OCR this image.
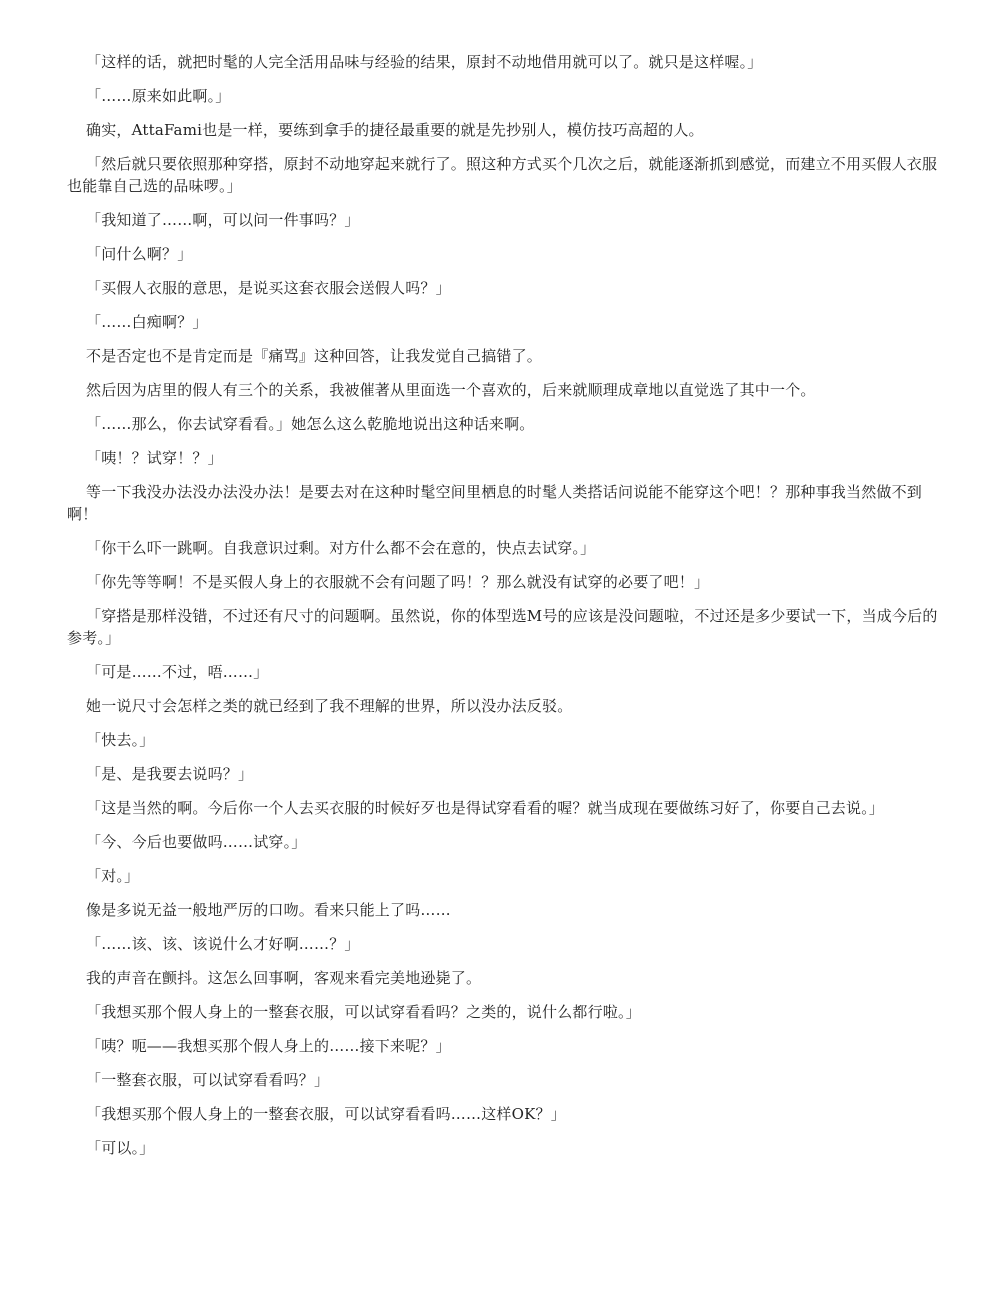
「这样的话，就把时髦的人完全活用品味与经验的结果，原封不动地借用就可以了。就只是这样喔。」

「……原来如此啊。」

确实，AttaFami也是一样，要练到拿手的捷径最重要的就是先抄别人，模仿技巧高超的人。

「然后就只要依照那种穿搭，原封不动地穿起来就行了。照这种方式买个几次之后，就能逐渐抓到感觉，而建立不用买假人衣服也能靠自己选的品味啰。」

「我知道了……啊，可以问一件事吗？」

「问什么啊？」

「买假人衣服的意思，是说买这套衣服会送假人吗？」

「……白痴啊？」

不是否定也不是肯定而是『痛骂』这种回答，让我发觉自己搞错了。

然后因为店里的假人有三个的关系，我被催著从里面选一个喜欢的，后来就顺理成章地以直觉选了其中一个。

「……那么，你去试穿看看。」她怎么这么乾脆地说出这种话来啊。

「咦！？试穿！？」

等一下我没办法没办法没办法！是要去对在这种时髦空间里栖息的时髦人类搭话问说能不能穿这个吧！？那种事我当然做不到啊！

「你干么吓一跳啊。自我意识过剩。对方什么都不会在意的，快点去试穿。」

「你先等等啊！不是买假人身上的衣服就不会有问题了吗！？那么就没有试穿的必要了吧！」

「穿搭是那样没错，不过还有尺寸的问题啊。虽然说，你的体型选M号的应该是没问题啦，不过还是多少要试一下，当成今后的参考。」

「可是……不过，唔……」

她一说尺寸会怎样之类的就已经到了我不理解的世界，所以没办法反驳。

「快去。」

「是、是我要去说吗？」

「这是当然的啊。今后你一个人去买衣服的时候好歹也是得试穿看看的喔？就当成现在要做练习好了，你要自己去说。」

「今、今后也要做吗……试穿。」

「对。」

像是多说无益一般地严厉的口吻。看来只能上了吗……

「……该、该、该说什么才好啊……？」

我的声音在颤抖。这怎么回事啊，客观来看完美地逊毙了。

「我想买那个假人身上的一整套衣服，可以试穿看看吗？之类的，说什么都行啦。」

「咦？呃——我想买那个假人身上的……接下来呢？」

「一整套衣服，可以试穿看看吗？」

「我想买那个假人身上的一整套衣服，可以试穿看看吗……这样OK？」

「可以。」
